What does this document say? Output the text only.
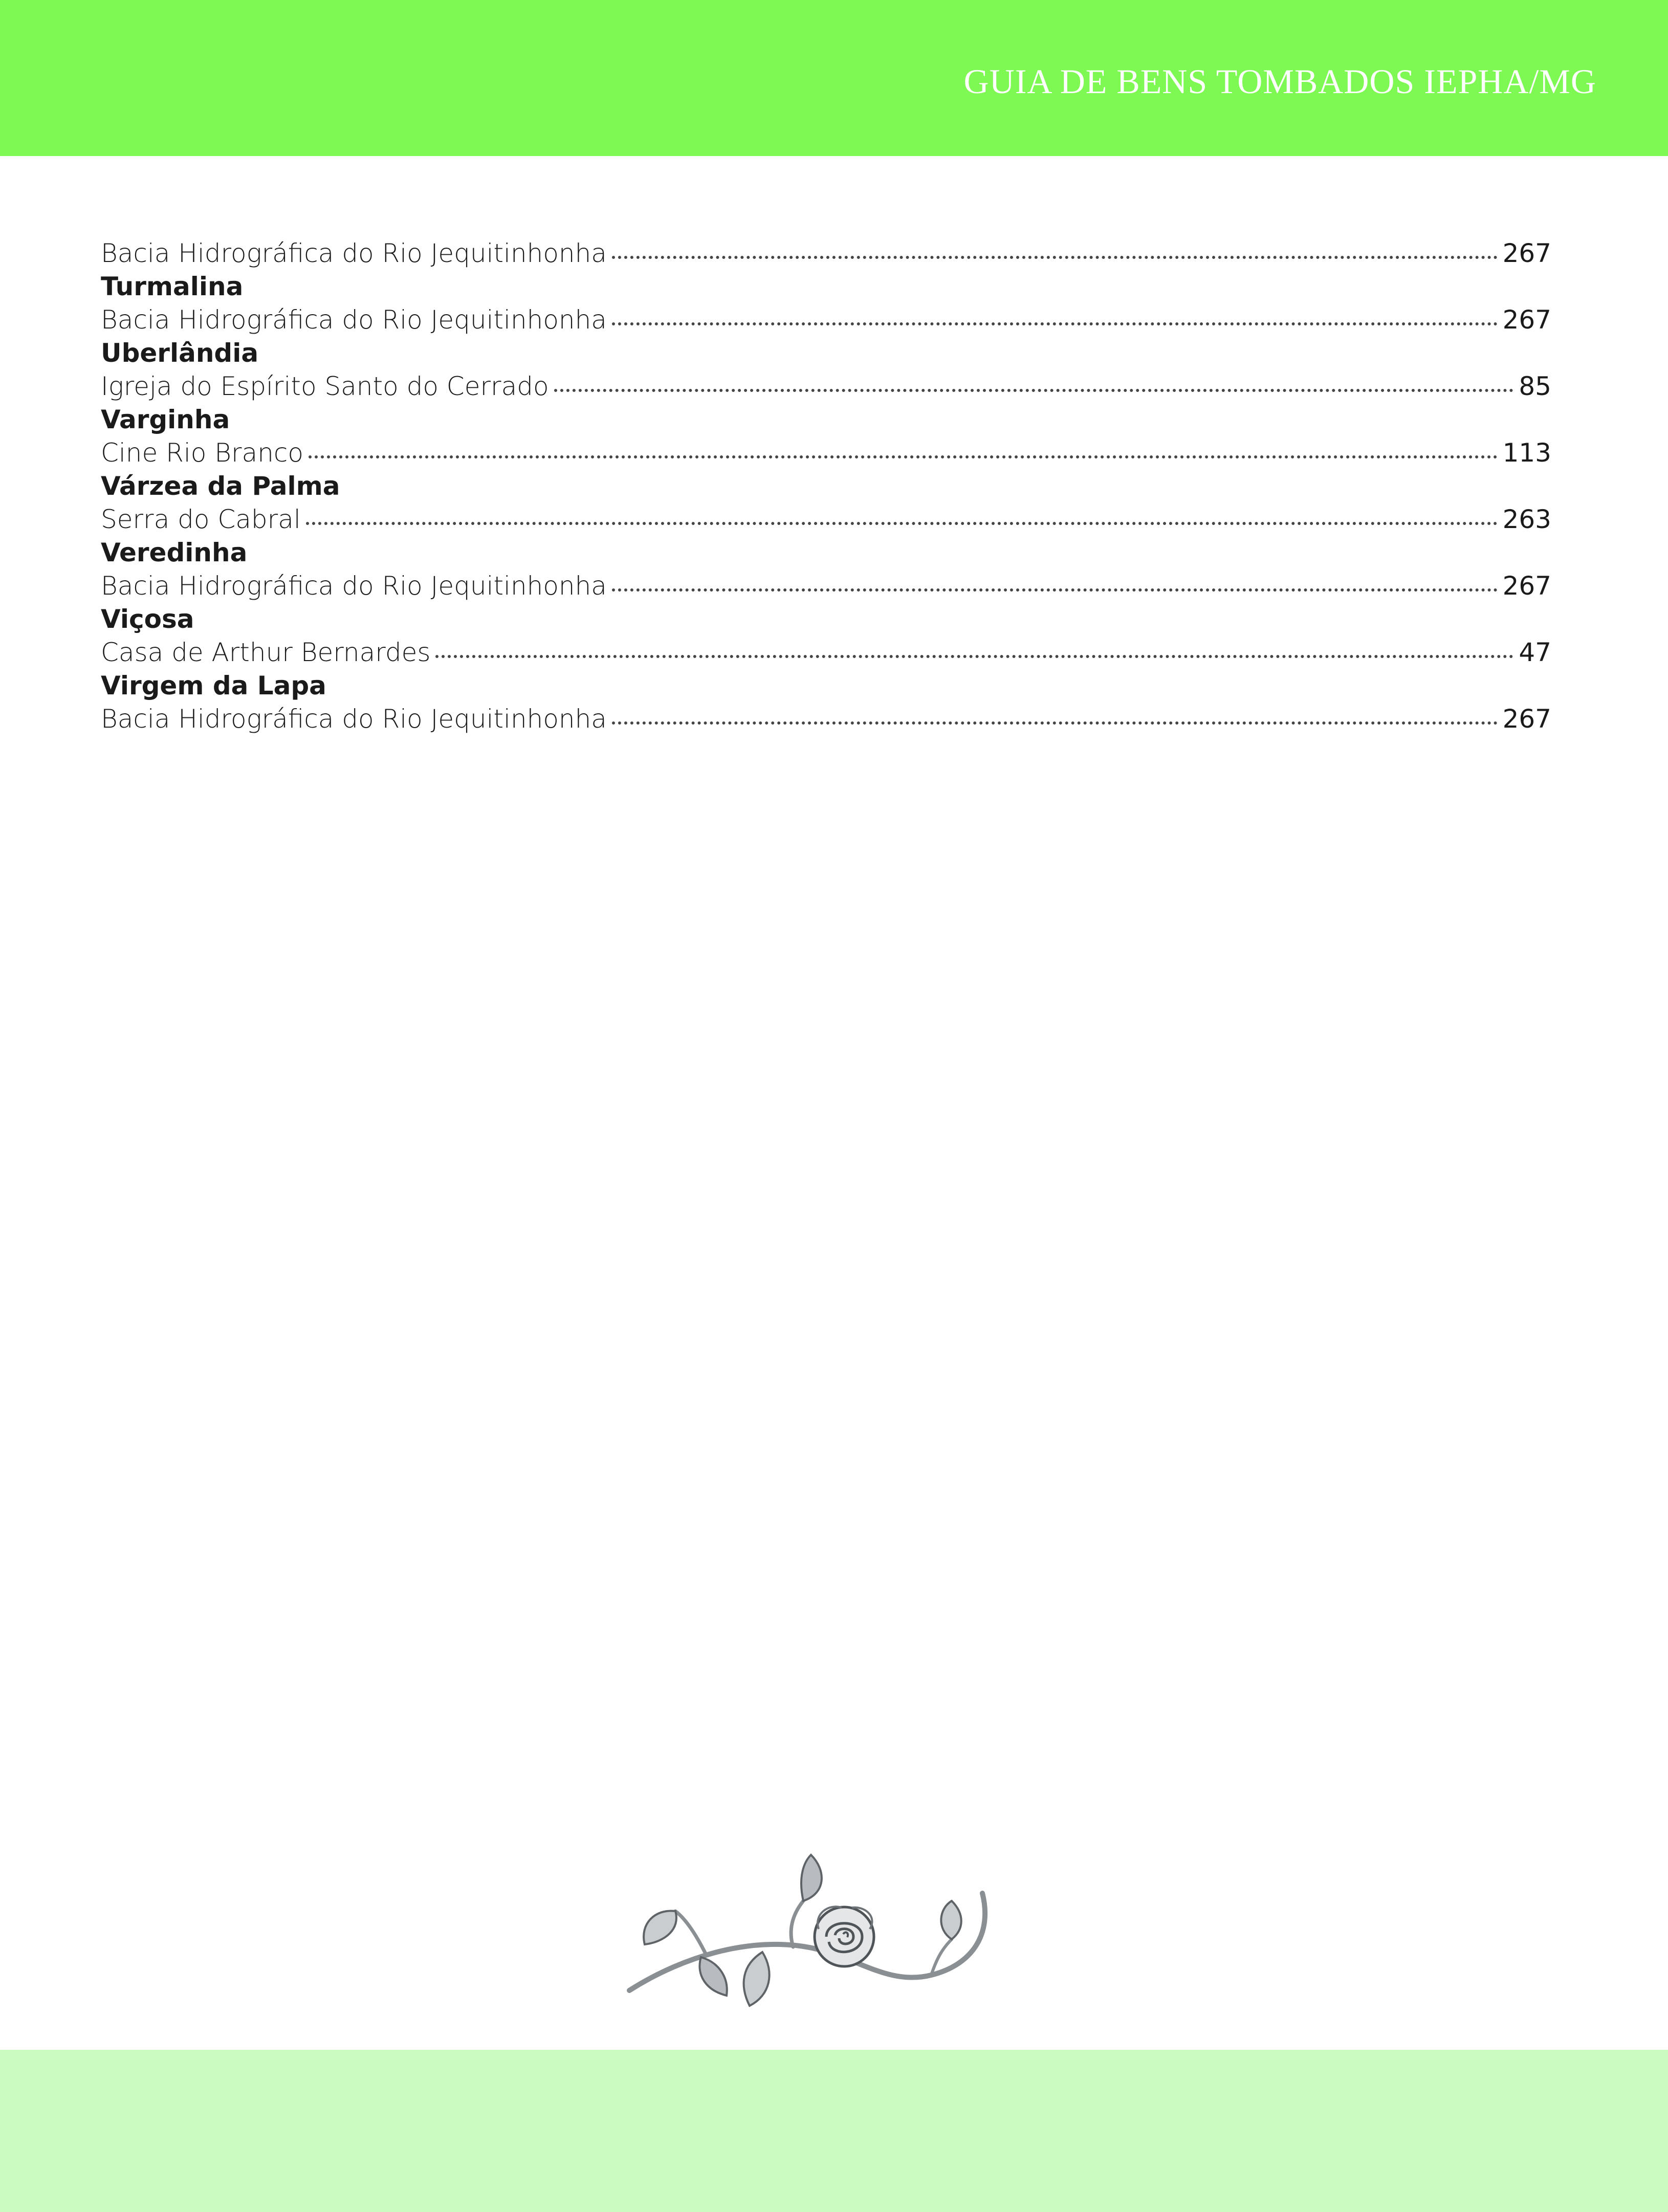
GUIA DE BENS TOMBADOS IEPHA/MG
Bacia Hidrográfica do Rio Jequitinhonha	267
Turmalina
Bacia Hidrográfica do Rio Jequitinhonha	267
Uberlândia
Igreja do Espírito Santo do Cerrado	85
Varginha
Cine Rio Branco	113
Várzea da Palma
Serra do Cabral	263
Veredinha
Bacia Hidrográfica do Rio Jequitinhonha	267
Viçosa
Casa de Arthur Bernardes	47
Virgem da Lapa
Bacia Hidrográfica do Rio Jequitinhonha	267
